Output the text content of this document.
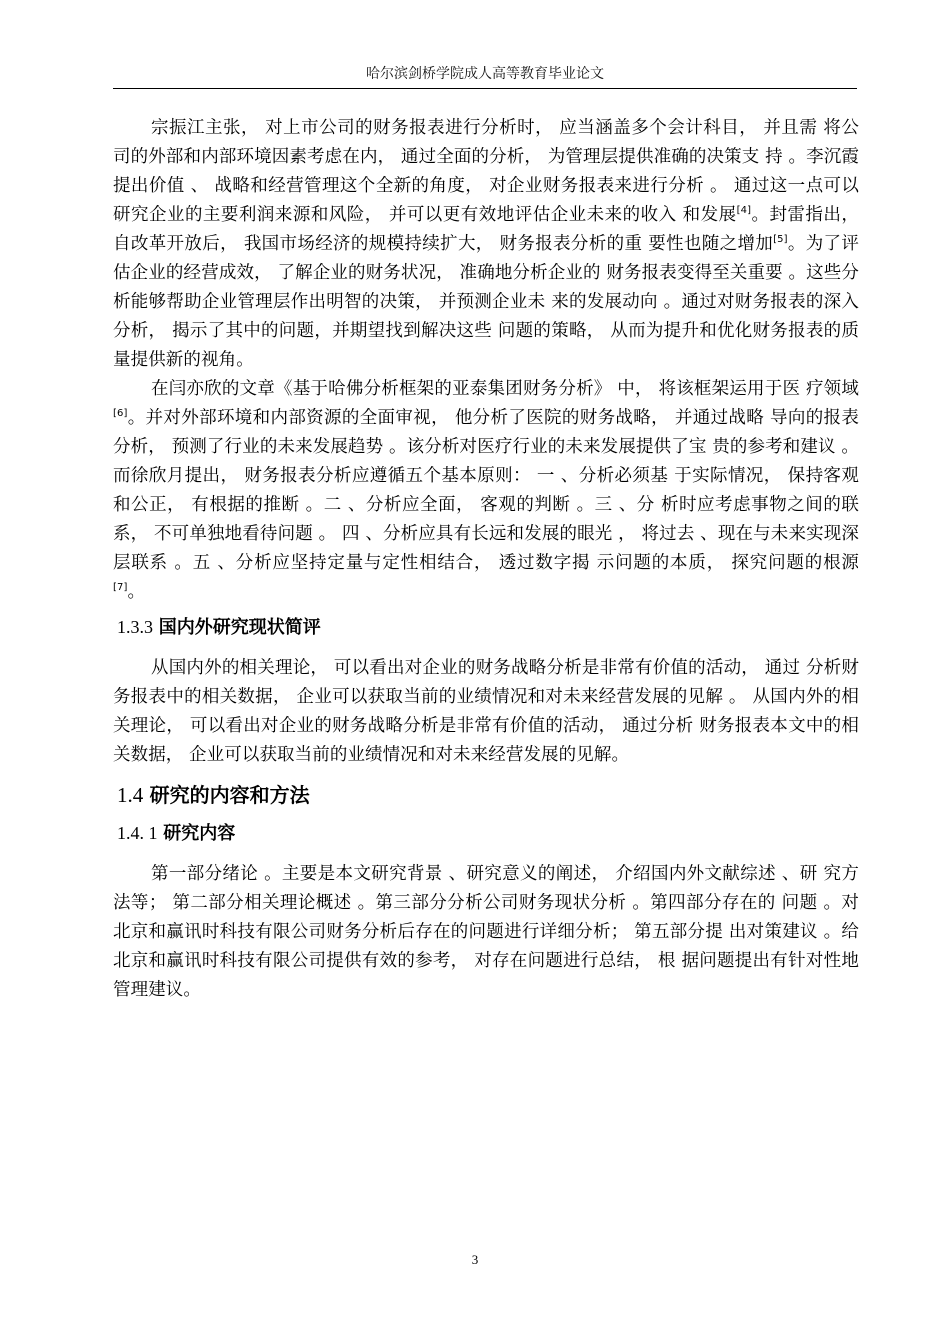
哈尔滨剑桥学院成人高等教育毕业论文

宗振江主张， 对上市公司的财务报表进行分析时， 应当涵盖多个会计科目， 并且需 将公司的外部和内部环境因素考虑在内， 通过全面的分析， 为管理层提供准确的决策支 持 。李沉霞提出价值 、 战略和经营管理这个全新的角度， 对企业财务报表来进行分析 。 通过这一点可以研究企业的主要利润来源和风险， 并可以更有效地评估企业未来的收入 和发展[4]。封雷指出， 自改革开放后， 我国市场经济的规模持续扩大， 财务报表分析的重 要性也随之增加[5]。为了评估企业的经营成效， 了解企业的财务状况， 准确地分析企业的 财务报表变得至关重要 。这些分析能够帮助企业管理层作出明智的决策， 并预测企业未 来的发展动向 。通过对财务报表的深入分析， 揭示了其中的问题，并期望找到解决这些 问题的策略， 从而为提升和优化财务报表的质量提供新的视角。

在闫亦欣的文章《基于哈佛分析框架的亚泰集团财务分析》 中， 将该框架运用于医 疗领域[6]。并对外部环境和内部资源的全面审视， 他分析了医院的财务战略， 并通过战略 导向的报表分析， 预测了行业的未来发展趋势 。该分析对医疗行业的未来发展提供了宝 贵的参考和建议 。而徐欣月提出， 财务报表分析应遵循五个基本原则： 一 、分析必须基 于实际情况， 保持客观和公正， 有根据的推断 。二 、分析应全面， 客观的判断 。三 、分 析时应考虑事物之间的联系， 不可单独地看待问题 。 四 、分析应具有长远和发展的眼光 ， 将过去 、现在与未来实现深层联系 。五 、分析应坚持定量与定性相结合， 透过数字揭 示问题的本质， 探究问题的根源[7]。

1.3.3 国内外研究现状简评

从国内外的相关理论， 可以看出对企业的财务战略分析是非常有价值的活动， 通过 分析财务报表中的相关数据， 企业可以获取当前的业绩情况和对未来经营发展的见解 。 从国内外的相关理论， 可以看出对企业的财务战略分析是非常有价值的活动， 通过分析 财务报表本文中的相关数据， 企业可以获取当前的业绩情况和对未来经营发展的见解。

1.4 研究的内容和方法
1.4. 1 研究内容

第一部分绪论 。主要是本文研究背景 、研究意义的阐述， 介绍国内外文献综述 、研 究方法等； 第二部分相关理论概述 。第三部分分析公司财务现状分析 。第四部分存在的 问题 。对北京和赢讯时科技有限公司财务分析后存在的问题进行详细分析； 第五部分提 出对策建议 。给北京和赢讯时科技有限公司提供有效的参考， 对存在问题进行总结， 根 据问题提出有针对性地管理建议。

3
